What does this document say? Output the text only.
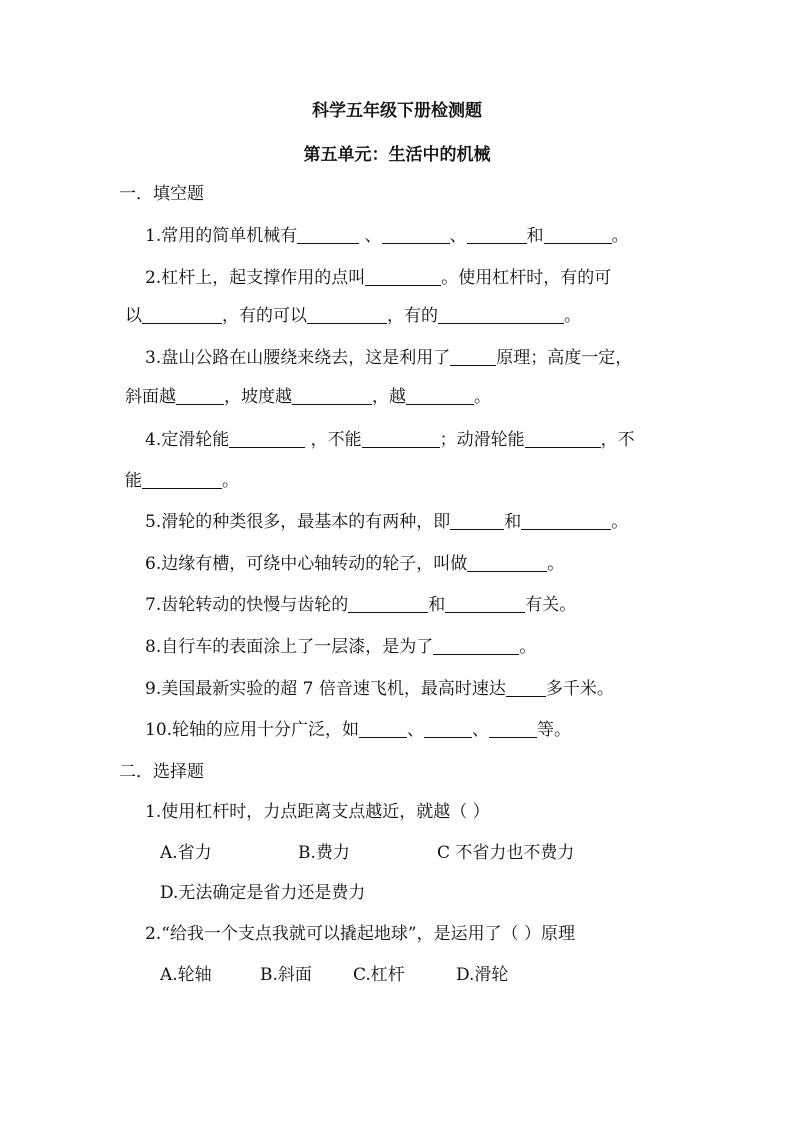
科学五年级下册检测题
第五单元：生活中的机械
一．填空题
1.常用的简单机械有	、	、	和	。
2.杠杆上，起支撑作用的点叫	。使用杠杆时，有的可
以	，有的可以	，有的	。
3.盘山公路在山腰绕来绕去，这是利用了	原理；高度一定，
斜面越	，坡度越	，越	。
4.定滑轮能	，不能	；动滑轮能	，不
能	。
5.滑轮的种类很多，最基本的有两种，即	和	。
6.边缘有槽，可绕中心轴转动的轮子，叫做	。
7.齿轮转动的快慢与齿轮的	和	有关。
8.自行车的表面涂上了一层漆，是为了	。
9.美国最新实验的超 7 倍音速飞机，最高时速达 多千米。
10.轮轴的应用十分广泛，如	、	、	等。
二．选择题
1.使用杠杆时，力点距离支点越近，就越（ ）
A.省力	B.费力	C 不省力也不费力
D.无法确定是省力还是费力
2.“给我一个支点我就可以撬起地球”，是运用了（ ）原理
A.轮轴	B.斜面 C.杠杆	D.滑轮
